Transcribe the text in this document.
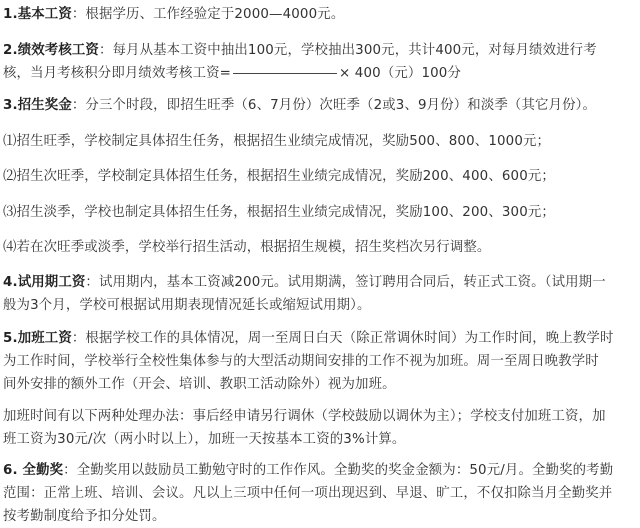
1.基本工资：根据学历、工作经验定于2000—4000元。
2.绩效考核工资：每月从基本工资中抽出100元，学校抽出300元，共计400元，对每月绩效进行考
核，当月考核积分即月绩效考核工资=	× 400（元）100分
3.招生奖金：分三个时段，即招生旺季（6、7月份）次旺季（2或3、9月份）和淡季（其它月份）。
⑴招生旺季，学校制定具体招生任务，根据招生业绩完成情况，奖励500、800、1000元；
⑵招生次旺季，学校制定具体招生任务，根据招生业绩完成情况，奖励200、400、600元；
⑶招生淡季，学校也制定具体招生任务，根据招生业绩完成情况，奖励100、200、300元；
⑷若在次旺季或淡季，学校举行招生活动，根据招生规模，招生奖档次另行调整。
4.试用期工资：试用期内，基本工资减200元。试用期满，签订聘用合同后，转正式工资。（试用期一
般为3个月，学校可根据试用期表现情况延长或缩短试用期）。
5.加班工资：根据学校工作的具体情况，周一至周日白天（除正常调休时间）为工作时间，晚上教学时
为工作时间，学校举行全校性集体参与的大型活动期间安排的工作不视为加班。周一至周日晚教学时
间外安排的额外工作（开会、培训、教职工活动除外）视为加班。
加班时间有以下两种处理办法：事后经申请另行调休（学校鼓励以调休为主）；学校支付加班工资，加
班工资为30元/次（两小时以上），加班一天按基本工资的3%计算。
6. 全勤奖：全勤奖用以鼓励员工勤勉守时的工作作风。全勤奖的奖金金额为：50元/月。全勤奖的考勤
范围：正常上班、培训、会议。凡以上三项中任何一项出现迟到、早退、旷工，不仅扣除当月全勤奖并
按考勤制度给予扣分处罚。
